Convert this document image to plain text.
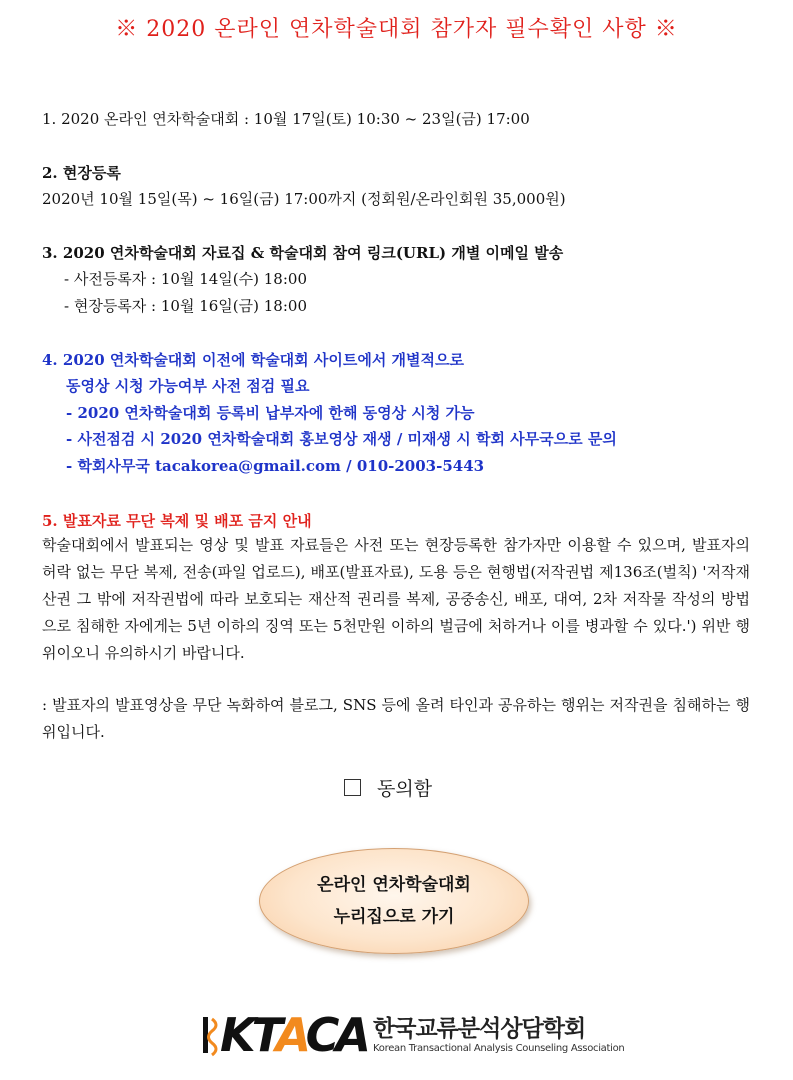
※ 2020 온라인 연차학술대회 참가자 필수확인 사항 ※
1. 2020 온라인 연차학술대회 : 10월 17일(토) 10:30 ~ 23일(금) 17:00
2. 현장등록
2020년 10월 15일(목) ~ 16일(금) 17:00까지 (정회원/온라인회원 35,000원)
3. 2020 연차학술대회 자료집 & 학술대회 참여 링크(URL) 개별 이메일 발송
- 사전등록자 : 10월 14일(수) 18:00
- 현장등록자 : 10월 16일(금) 18:00
4. 2020 연차학술대회 이전에 학술대회 사이트에서 개별적으로
동영상 시청 가능여부 사전 점검 필요
- 2020 연차학술대회 등록비 납부자에 한해 동영상 시청 가능
- 사전점검 시 2020 연차학술대회 홍보영상 재생 / 미재생 시 학회 사무국으로 문의
- 학회사무국 tacakorea@gmail.com / 010-2003-5443
5. 발표자료 무단 복제 및 배포 금지 안내
학술대회에서 발표되는 영상 및 발표 자료들은 사전 또는 현장등록한 참가자만 이용할 수 있으며, 발표자의 허락 없는 무단 복제, 전송(파일 업로드), 배포(발표자료), 도용 등은 현행법(저작권법 제136조(벌칙) '저작재산권 그 밖에 저작권법에 따라 보호되는 재산적 권리를 복제, 공중송신, 배포, 대여, 2차 저작물 작성의 방법으로 침해한 자에게는 5년 이하의 징역 또는 5천만원 이하의 벌금에 처하거나 이를 병과할 수 있다.') 위반 행위이오니 유의하시기 바랍니다.
: 발표자의 발표영상을 무단 녹화하여 블로그, SNS 등에 올려 타인과 공유하는 행위는 저작권을 침해하는 행위입니다.
동의함
온라인 연차학술대회
누리집으로 가기
KTACA 한국교류분석상담학회
Korean Transactional Analysis Counseling Association
